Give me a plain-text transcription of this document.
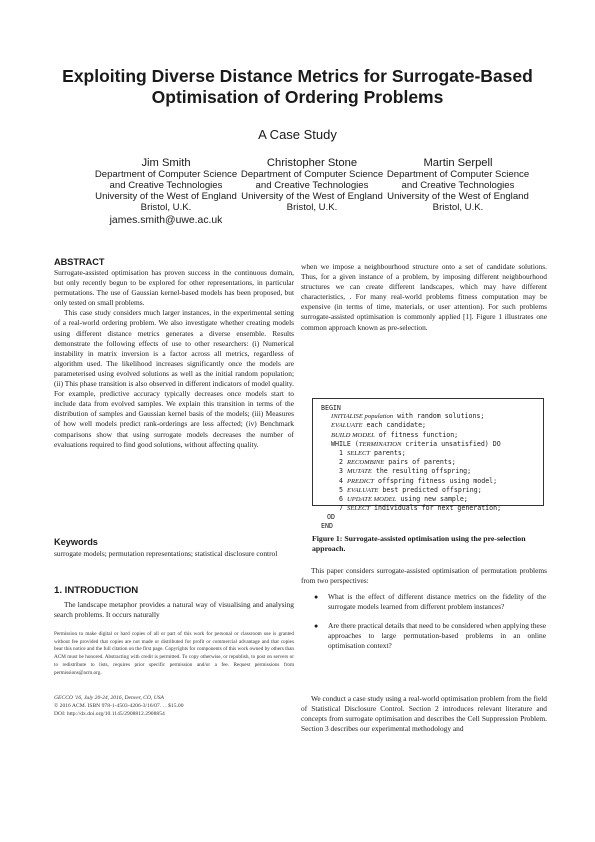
Exploiting Diverse Distance Metrics for Surrogate-Based Optimisation of Ordering Problems
A Case Study
Jim Smith
Department of Computer Science and Creative Technologies
University of the West of England
Bristol, U.K.
james.smith@uwe.ac.uk
Christopher Stone
Department of Computer Science and Creative Technologies
University of the West of England
Bristol, U.K.
Martin Serpell
Department of Computer Science and Creative Technologies
University of the West of England
Bristol, U.K.
ABSTRACT

Surrogate-assisted optimisation has proven success in the continuous domain, but only recently begun to be explored for other representations, in particular permutations. The use of Gaussian kernel-based models has been proposed, but only tested on small problems.

This case study considers much larger instances, in the experimental setting of a real-world ordering problem. We also investigate whether creating models using different distance metrics generates a diverse ensemble. Results demonstrate the following effects of use to other researchers: (i) Numerical instability in matrix inversion is a factor across all metrics, regardless of algorithm used. The likelihood increases significantly once the models are parameterised using evolved solutions as well as the initial random population; (ii) This phase transition is also observed in different indicators of model quality. For example, predictive accuracy typically decreases once models start to include data from evolved samples. We explain this transition in terms of the distribution of samples and Gaussian kernel basis of the models; (iii) Measures of how well models predict rank-orderings are less affected; (iv) Benchmark comparisons show that using surrogate models decreases the number of evaluations required to find good solutions, without affecting quality.

Keywords
surrogate models; permutation representations; statistical disclosure control
1. INTRODUCTION
The landscape metaphor provides a natural way of visualising and analysing search problems. It occurs naturally
Permission to make digital or hard copies of all or part of this work for personal or classroom use is granted without fee provided that copies are not made or distributed for profit or commercial advantage and that copies bear this notice and the full citation on the first page. Copyrights for components of this work owned by others than ACM must be honored. Abstracting with credit is permitted. To copy otherwise, or republish, to post on servers or to redistribute to lists, requires prior specific permission and/or a fee. Request permissions from permissions@acm.org.
GECCO '16, July 20-24, 2016, Denver, CO, USA
© 2016 ACM. ISBN 978-1-4503-4206-3/16/07. . . $15.00
DOI: http://dx.doi.org/10.1145/2908812.2908854
when we impose a neighbourhood structure onto a set of candidate solutions. Thus, for a given instance of a problem, by imposing different neighbourhood structures we can create different landscapes, which may have different characteristics, . For many real-world problems fitness computation may be expensive (in terms of time, materials, or user attention). For such problems surrogate-assisted optimisation is commonly applied [1]. Figure 1 illustrates one common approach known as pre-selection.
BEGIN
INITIALISE population with random solutions;
EVALUATE each candidate;
BUILD MODEL of fitness function;
WHILE (TERMINATION criteria unsatisfied) DO
1 SELECT parents;
2 RECOMBINE pairs of parents;
3 MUTATE the resulting offspring;
4 PREDICT offspring fitness using model;
5 EVALUATE best predicted offspring;
6 UPDATE MODEL using new sample;
7 SELECT individuals for next generation;
OD
END
Figure 1: Surrogate-assisted optimisation using the pre-selection approach.
This paper considers surrogate-assisted optimisation of permutation problems from two perspectives:
● What is the effect of different distance metrics on the fidelity of the surrogate models learned from different problem instances?
● Are there practical details that need to be considered when applying these approaches to large permutation-based problems in an online optimisation context?
We conduct a case study using a real-world optimisation problem from the field of Statistical Disclosure Control. Section 2 introduces relevant literature and concepts from surrogate optimisation and describes the Cell Suppression Problem. Section 3 describes our experimental methodology and
